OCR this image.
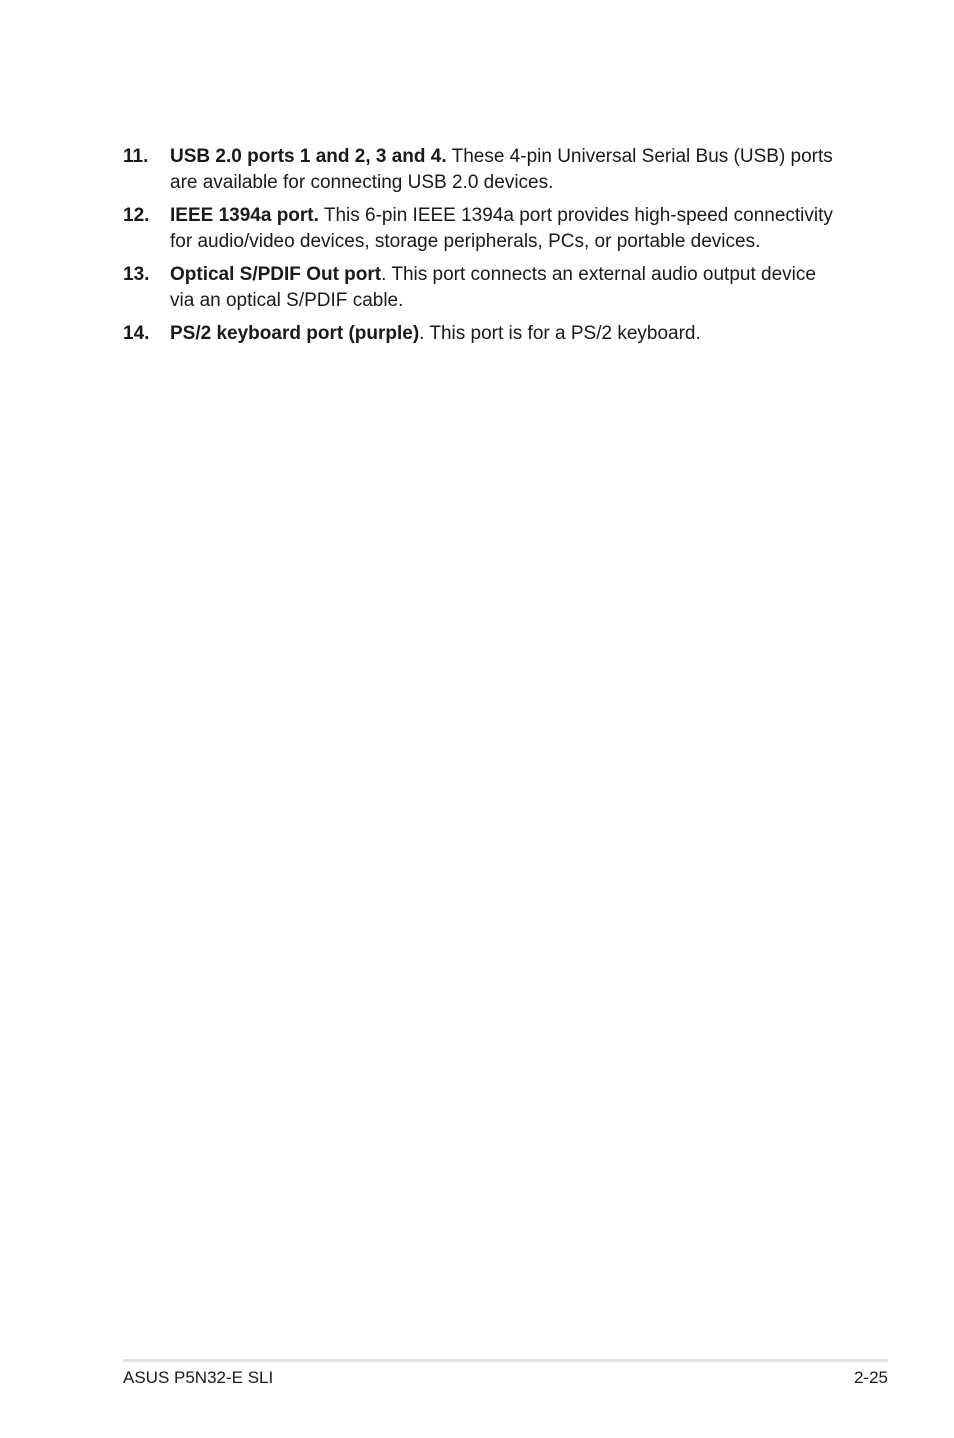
11.	USB 2.0 ports 1 and 2, 3 and 4. These 4-pin Universal Serial Bus (USB) ports are available for connecting USB 2.0 devices.
12.	IEEE 1394a port. This 6-pin IEEE 1394a port provides high-speed connectivity for audio/video devices, storage peripherals, PCs, or portable devices.
13.	Optical S/PDIF Out port. This port connects an external audio output device via an optical S/PDIF cable.
14.	PS/2 keyboard port (purple). This port is for a PS/2 keyboard.
ASUS P5N32-E SLI	2-25
